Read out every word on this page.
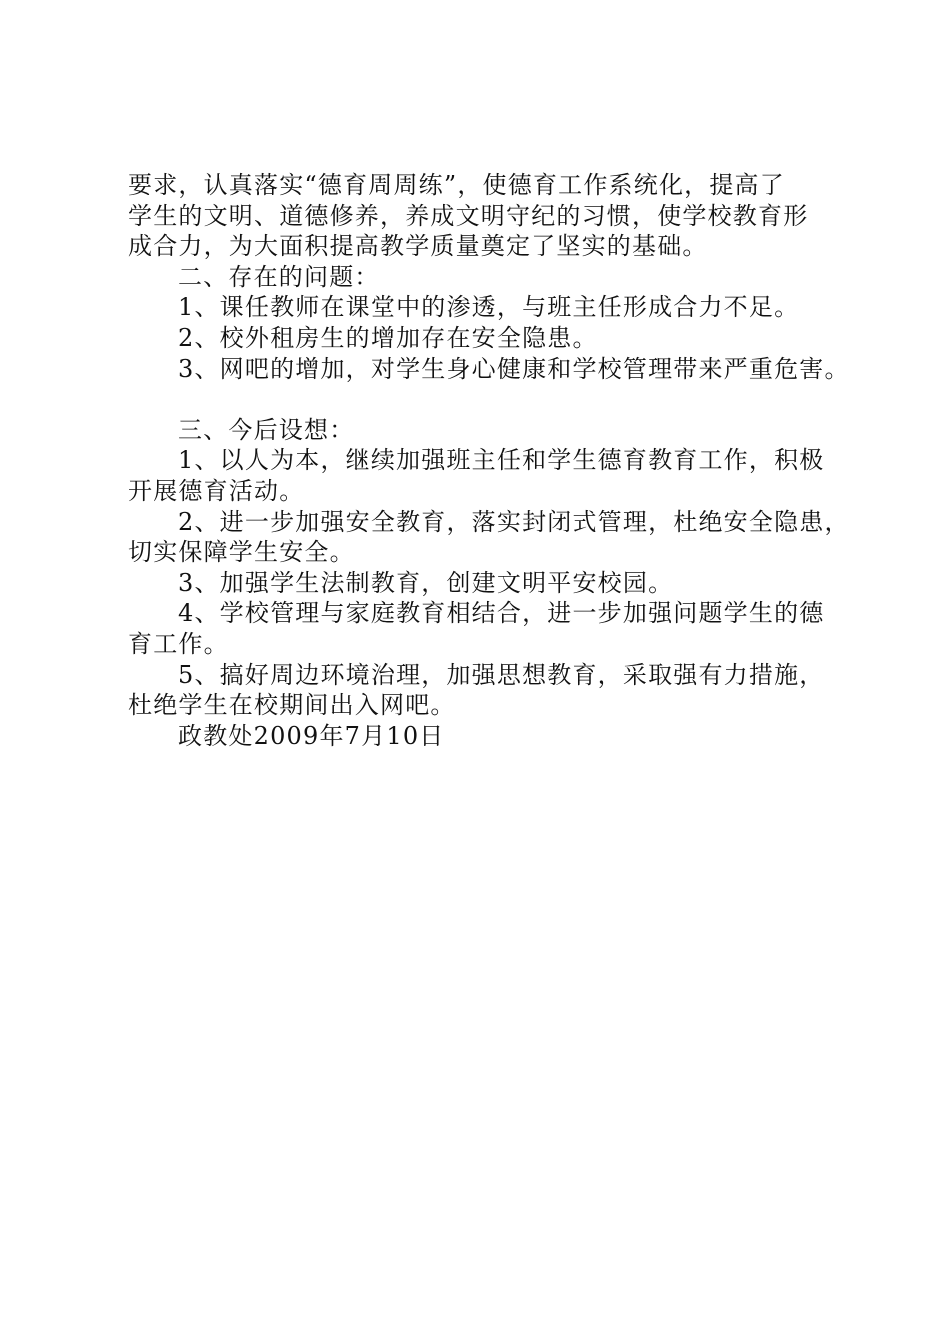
要求，认真落实“德育周周练”，使德育工作系统化，提高了
学生的文明、道德修养，养成文明守纪的习惯，使学校教育形
成合力，为大面积提高教学质量奠定了坚实的基础。
二、存在的问题：
1、课任教师在课堂中的渗透，与班主任形成合力不足。
2、校外租房生的增加存在安全隐患。
3、网吧的增加，对学生身心健康和学校管理带来严重危害。
三、今后设想：
1、以人为本，继续加强班主任和学生德育教育工作，积极
开展德育活动。
2、进一步加强安全教育，落实封闭式管理，杜绝安全隐患，
切实保障学生安全。
3、加强学生法制教育，创建文明平安校园。
4、学校管理与家庭教育相结合，进一步加强问题学生的德
育工作。
5、搞好周边环境治理，加强思想教育，采取强有力措施，
杜绝学生在校期间出入网吧。
政教处2009年7月10日
